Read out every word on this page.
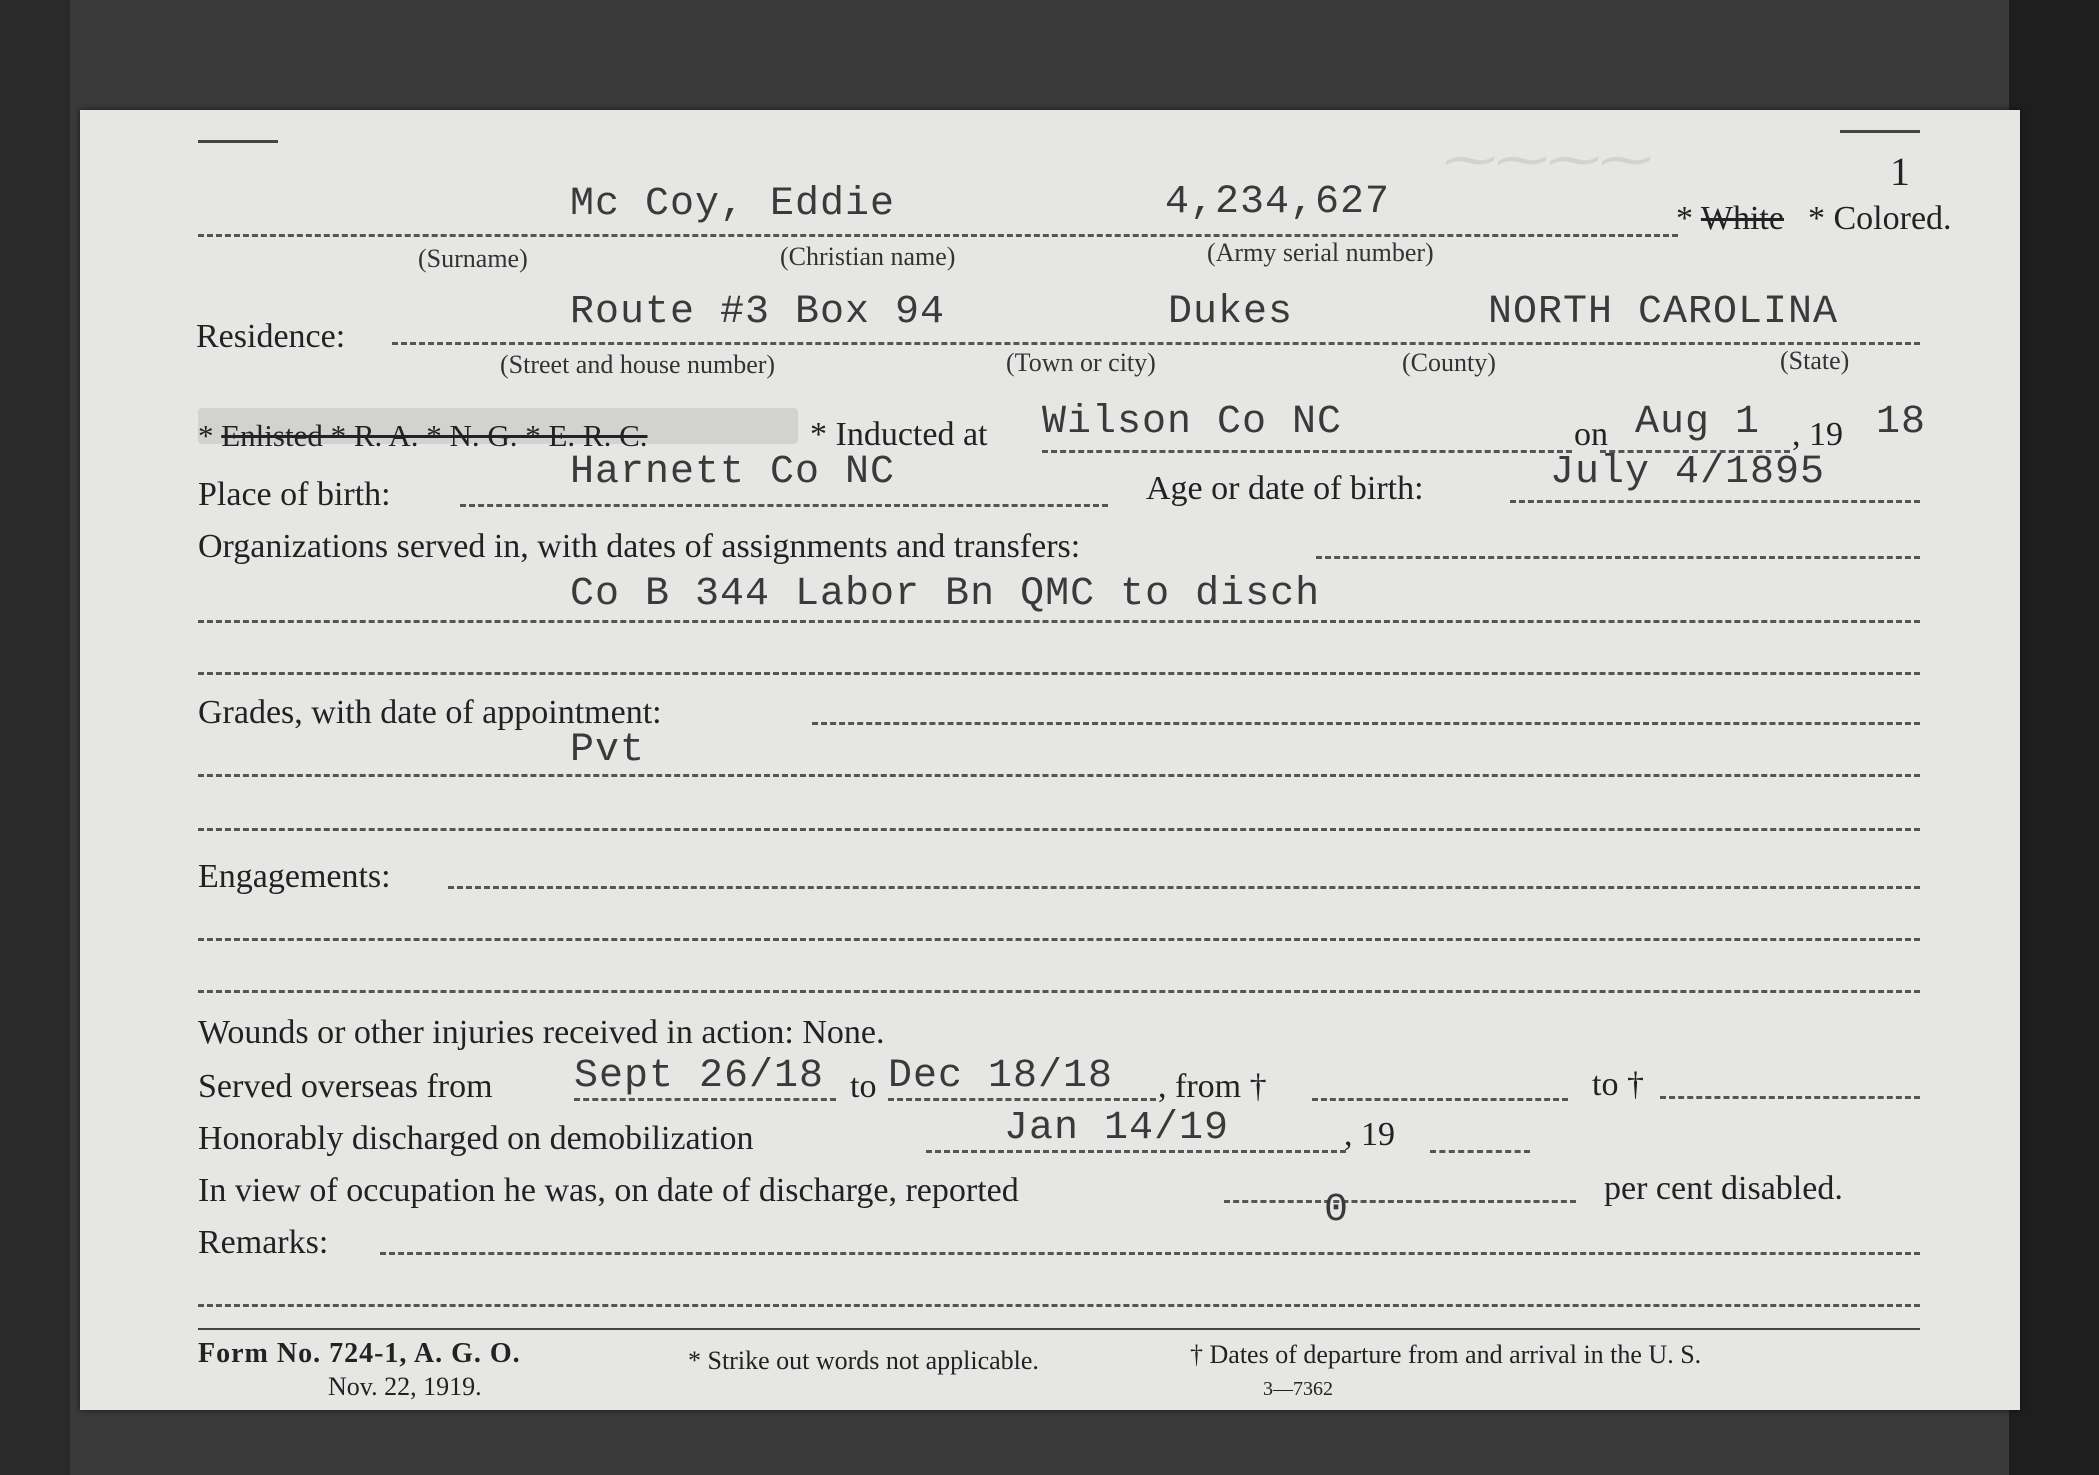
⁓⁓⁓⁓	1
Mc Coy, Eddie	4,234,627	* White * Colored.
(Surname)	(Christian name)	(Army serial number)
Residence:
Route #3 Box 94	Dukes	NORTH CAROLINA
(Street and house number)	(Town or city)	(County)	(State)
* Enlisted * R. A. * N. G. * E. R. C.	* Inducted at Wilson Co NC	on Aug 1 , 19 18
Place of birth:	Harnett Co NC	Age or date of birth:	July 4/1895
Organizations served in, with dates of assignments and transfers:
Co B 344 Labor Bn QMC to disch
Grades, with date of appointment:
Pvt
Engagements:
Wounds or other injuries received in action: None.
Served overseas from Sept 26/18 to Dec 18/18 , from †	to †
Honorably discharged on demobilization	Jan 14/19	, 19
In view of occupation he was, on date of discharge, reported	0	per cent disabled.
Remarks:
Form No. 724-1, A. G. O.
Nov. 22, 1919.
* Strike out words not applicable.	† Dates of departure from and arrival in the U. S.
3—7362
